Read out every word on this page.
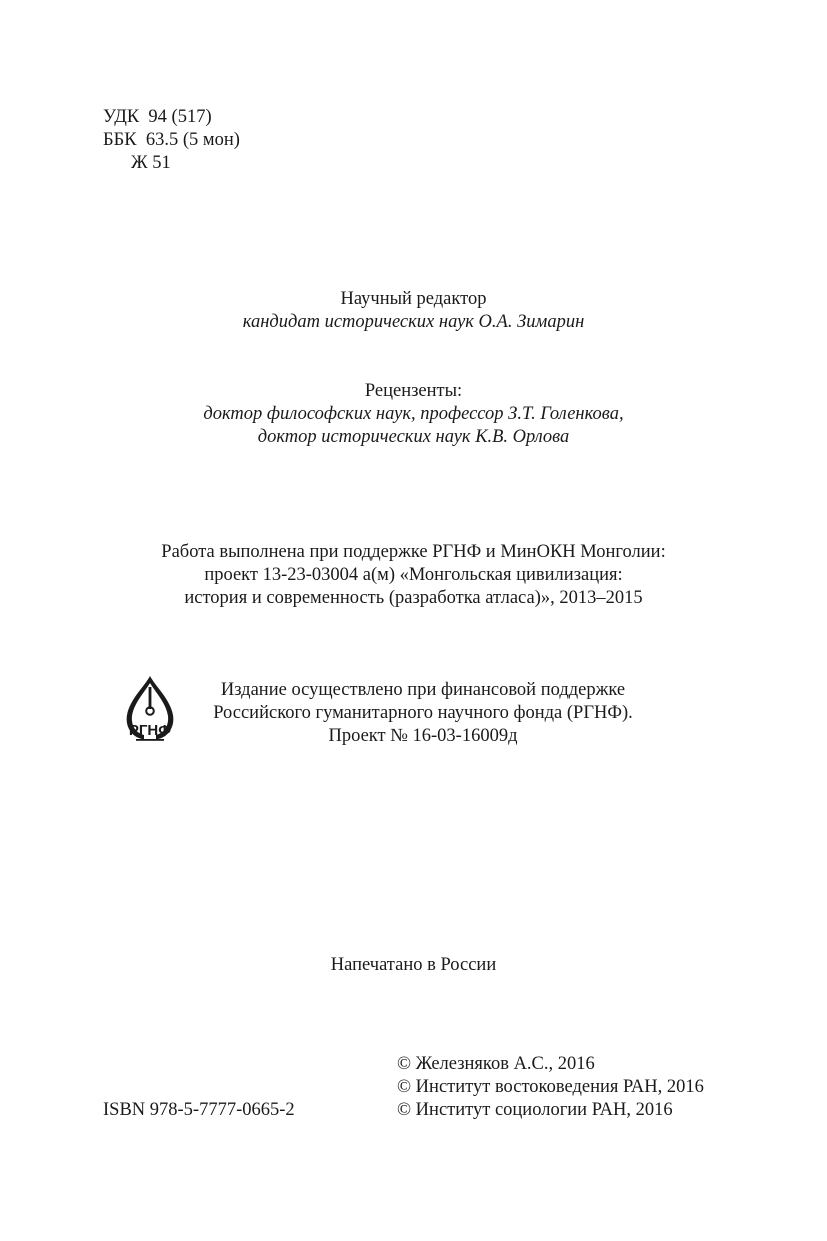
УДК  94 (517)
ББК  63.5 (5 мон)
Ж 51
Научный редактор
кандидат исторических наук О.А. Зимарин
Рецензенты:
доктор философских наук, профессор З.Т. Голенкова,
доктор исторических наук К.В. Орлова
Работа выполнена при поддержке РГНФ и МинОКН Монголии:
проект 13-23-03004 а(м) «Монгольская цивилизация:
история и современность (разработка атласа)», 2013–2015
РГНФ
Издание осуществлено при финансовой поддержке
Российского гуманитарного научного фонда (РГНФ).
Проект № 16-03-16009д
Напечатано в России
ISBN 978-5-7777-0665-2
© Железняков А.С., 2016
© Институт востоковедения РАН, 2016
© Институт социологии РАН, 2016
